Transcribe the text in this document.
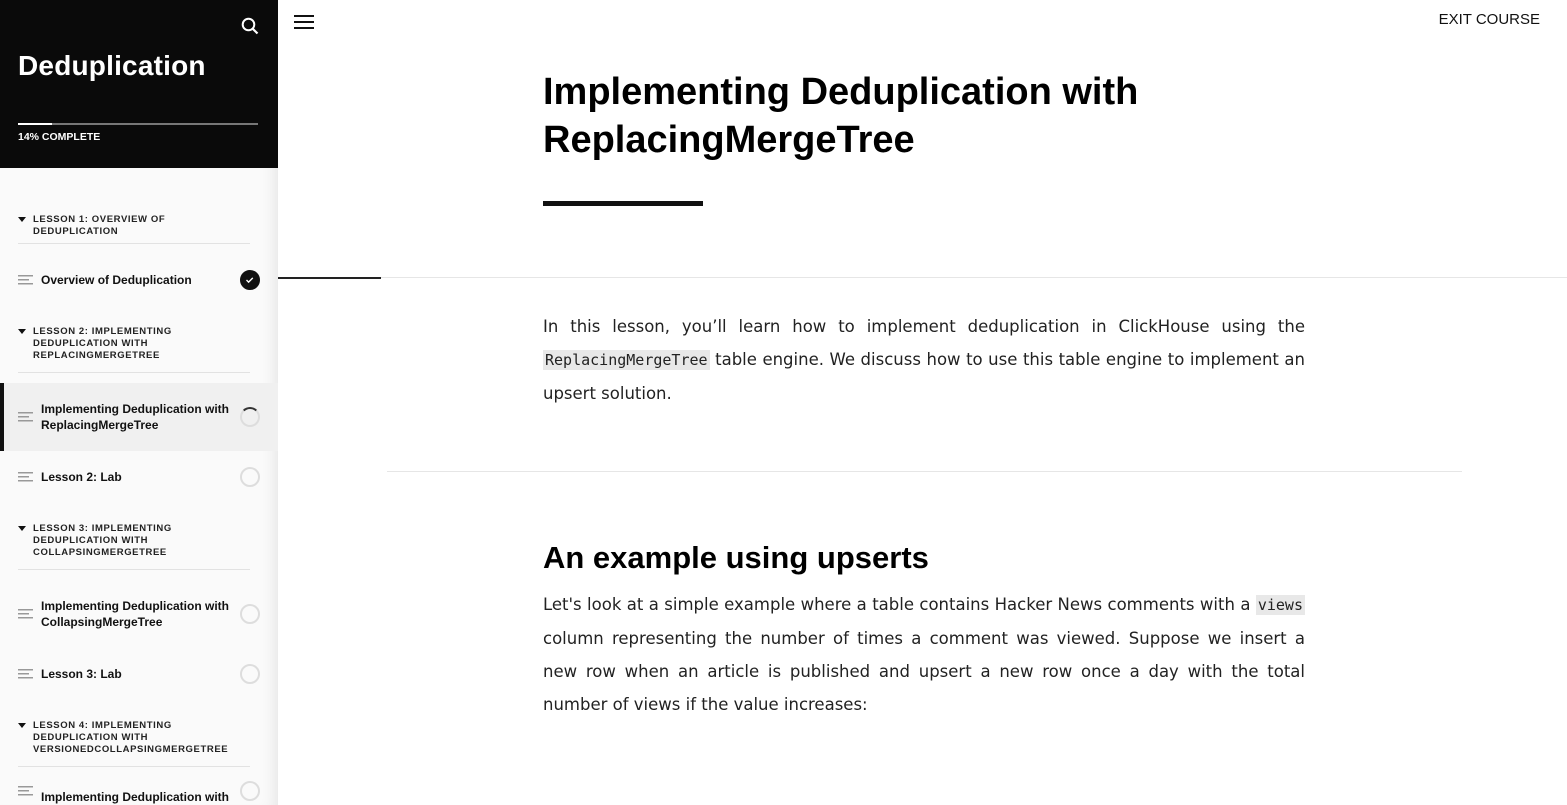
Deduplication
14% COMPLETE
LESSON 1: OVERVIEW OF DEDUPLICATION
Overview of Deduplication
LESSON 2: IMPLEMENTING DEDUPLICATION WITH REPLACINGMERGETREE
Implementing Deduplication with ReplacingMergeTree
Lesson 2: Lab
LESSON 3: IMPLEMENTING DEDUPLICATION WITH COLLAPSINGMERGETREE
Implementing Deduplication with CollapsingMergeTree
Lesson 3: Lab
LESSON 4: IMPLEMENTING DEDUPLICATION WITH VERSIONEDCOLLAPSINGMERGETREE
Implementing Deduplication with
EXIT COURSE
Implementing Deduplication with ReplacingMergeTree

In this lesson, you’ll learn how to implement deduplication in ClickHouse using the ReplacingMergeTree table engine. We discuss how to use this table engine to implement an upsert solution.

An example using upserts

Let's look at a simple example where a table contains Hacker News comments with a views column representing the number of times a comment was viewed. Suppose we insert a new row when an article is published and upsert a new row once a day with the total number of views if the value increases:
